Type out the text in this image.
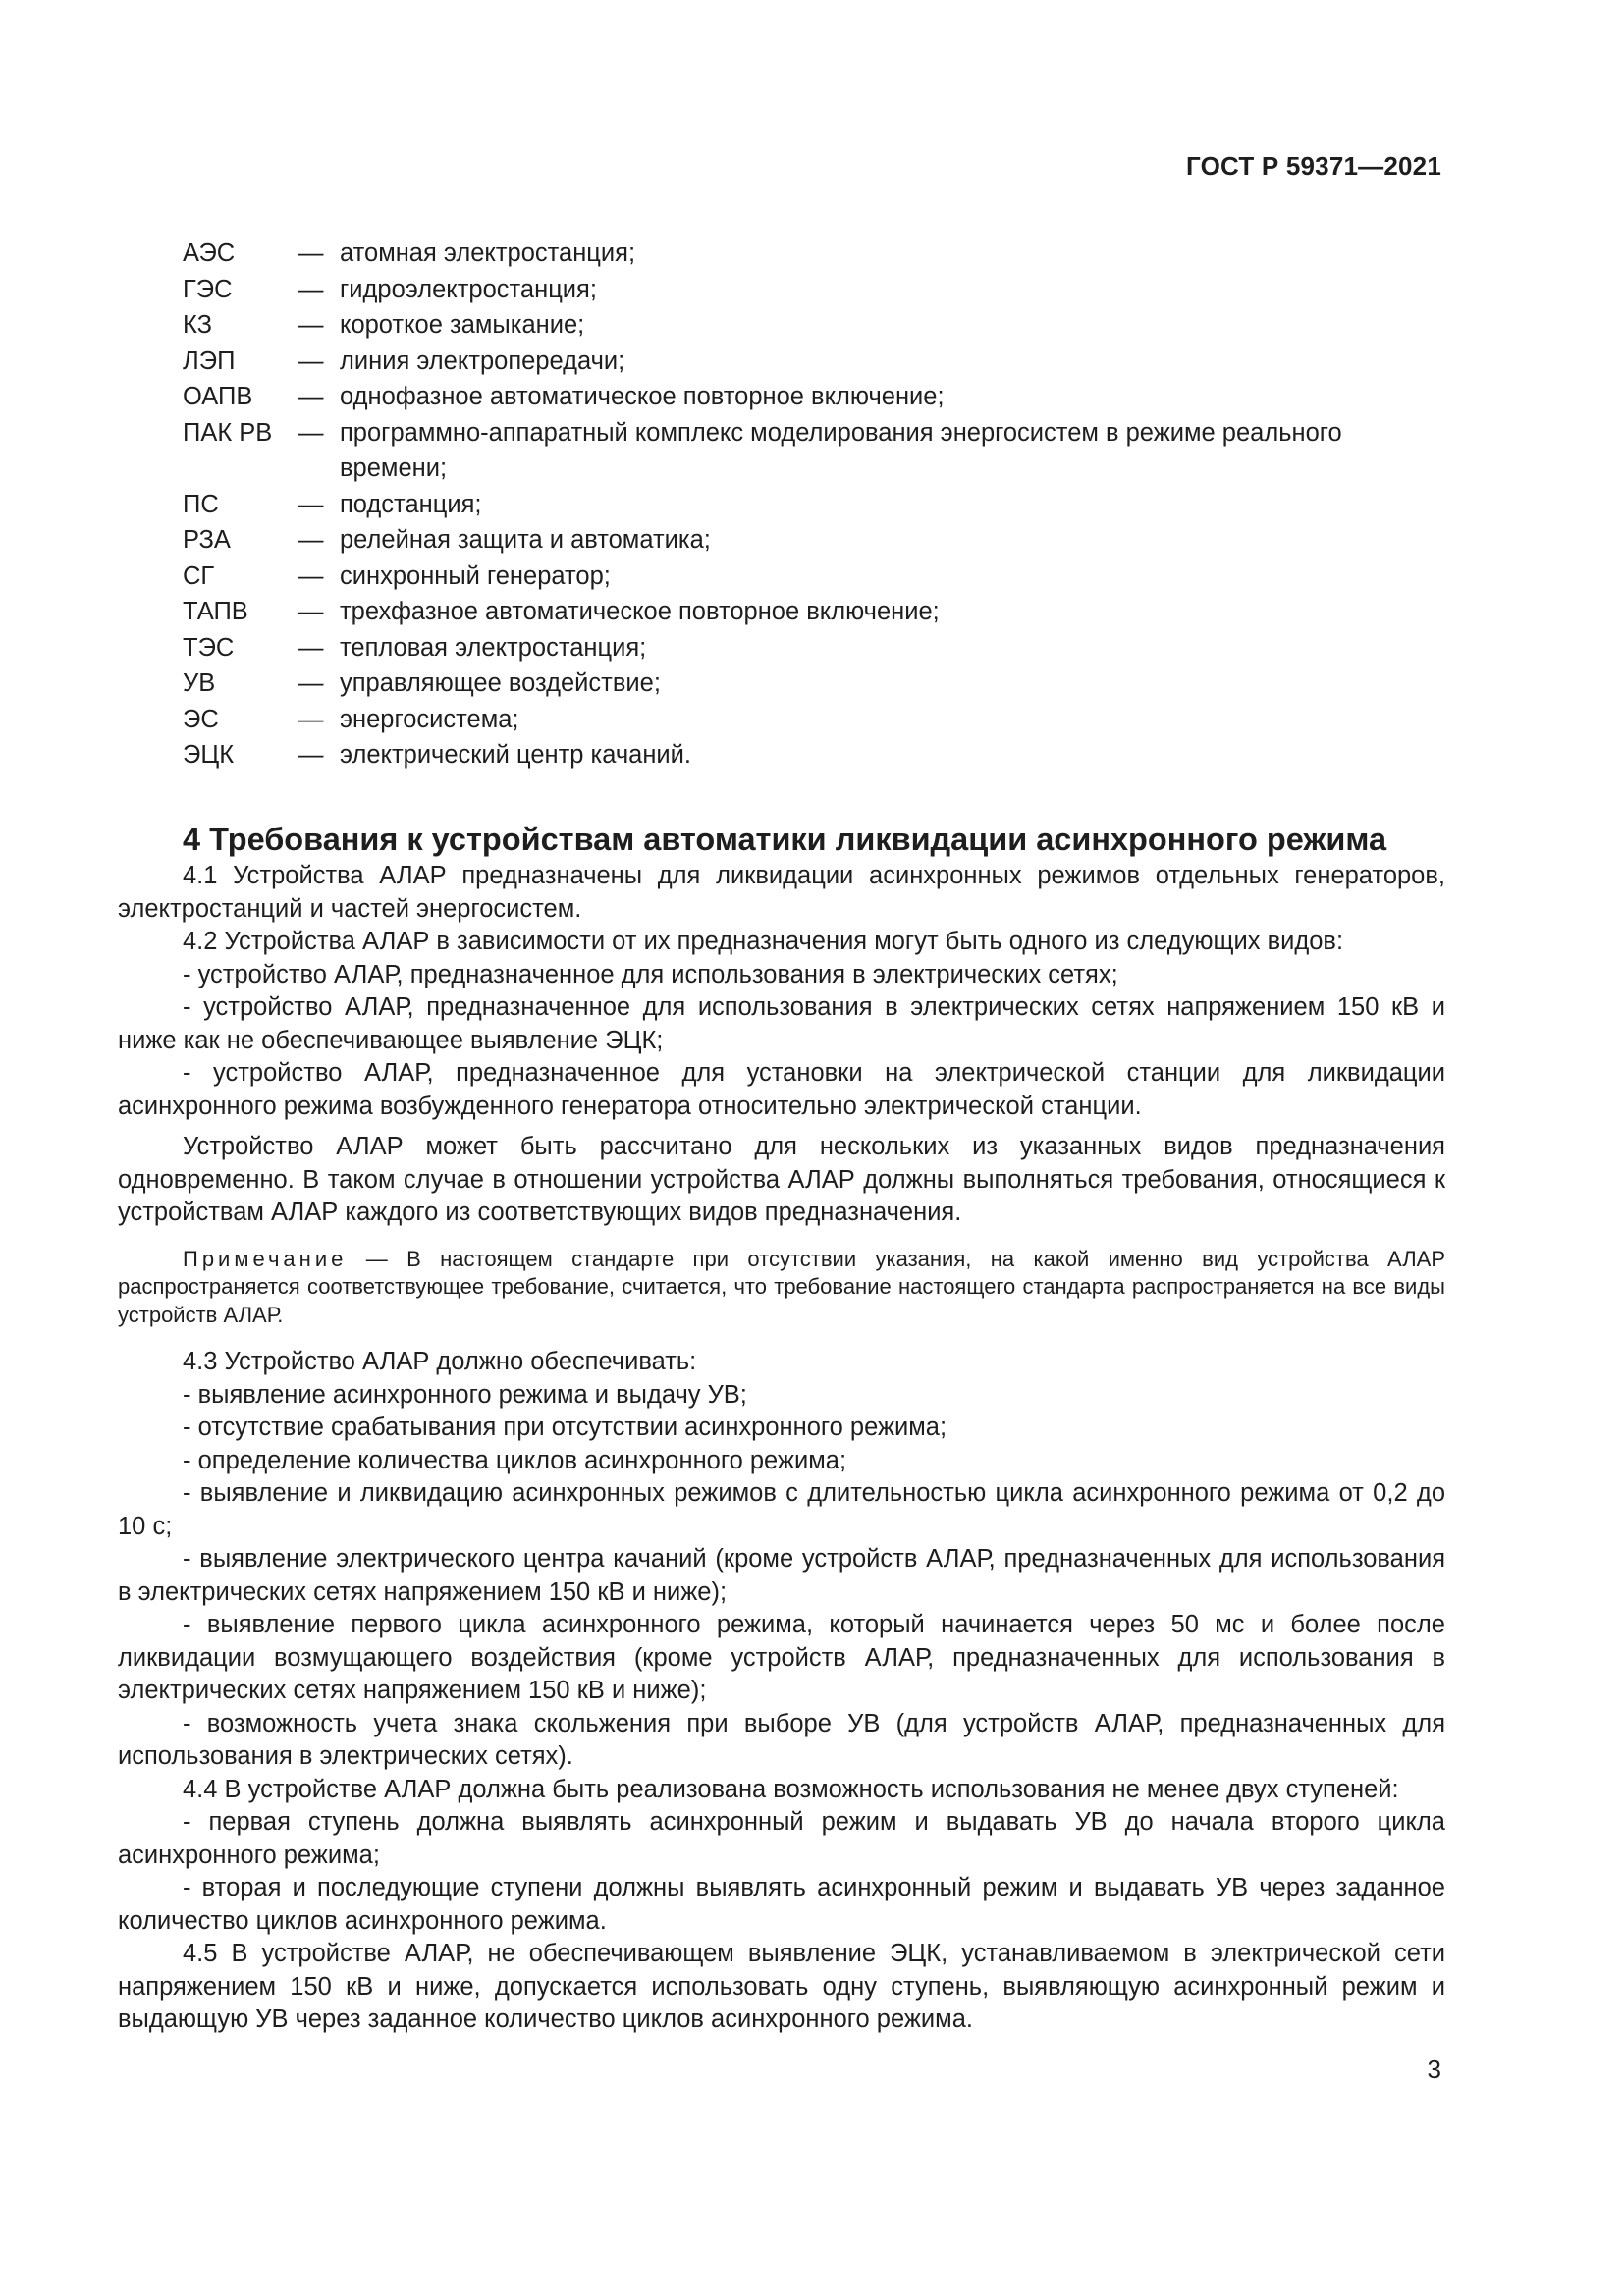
ГОСТ Р 59371—2021
АЭС	— атомная электростанция;
ГЭС	— гидроэлектростанция;
КЗ	— короткое замыкание;
ЛЭП	— линия электропередачи;
ОАПВ	— однофазное автоматическое повторное включение;
ПАК РВ	— программно-аппаратный комплекс моделирования энергосистем в режиме реального времени;
ПС	— подстанция;
РЗА	— релейная защита и автоматика;
СГ	— синхронный генератор;
ТАПВ	— трехфазное автоматическое повторное включение;
ТЭС	— тепловая электростанция;
УВ	— управляющее воздействие;
ЭС	— энергосистема;
ЭЦК	— электрический центр качаний.
4 Требования к устройствам автоматики ликвидации асинхронного режима

4.1 Устройства АЛАР предназначены для ликвидации асинхронных режимов отдельных генераторов, электростанций и частей энергосистем.

4.2 Устройства АЛАР в зависимости от их предназначения могут быть одного из следующих видов:

- устройство АЛАР, предназначенное для использования в электрических сетях;

- устройство АЛАР, предназначенное для использования в электрических сетях напряжением 150 кВ и ниже как не обеспечивающее выявление ЭЦК;

- устройство АЛАР, предназначенное для установки на электрической станции для ликвидации асинхронного режима возбужденного генератора относительно электрической станции.

Устройство АЛАР может быть рассчитано для нескольких из указанных видов предназначения одновременно. В таком случае в отношении устройства АЛАР должны выполняться требования, относящиеся к устройствам АЛАР каждого из соответствующих видов предназначения.

Примечание — В настоящем стандарте при отсутствии указания, на какой именно вид устройства АЛАР распространяется соответствующее требование, считается, что требование настоящего стандарта распространяется на все виды устройств АЛАР.

4.3 Устройство АЛАР должно обеспечивать:

- выявление асинхронного режима и выдачу УВ;

- отсутствие срабатывания при отсутствии асинхронного режима;

- определение количества циклов асинхронного режима;

- выявление и ликвидацию асинхронных режимов с длительностью цикла асинхронного режима от 0,2 до 10 с;

- выявление электрического центра качаний (кроме устройств АЛАР, предназначенных для использования в электрических сетях напряжением 150 кВ и ниже);

- выявление первого цикла асинхронного режима, который начинается через 50 мс и более после ликвидации возмущающего воздействия (кроме устройств АЛАР, предназначенных для использования в электрических сетях напряжением 150 кВ и ниже);

- возможность учета знака скольжения при выборе УВ (для устройств АЛАР, предназначенных для использования в электрических сетях).

4.4 В устройстве АЛАР должна быть реализована возможность использования не менее двух ступеней:

- первая ступень должна выявлять асинхронный режим и выдавать УВ до начала второго цикла асинхронного режима;

- вторая и последующие ступени должны выявлять асинхронный режим и выдавать УВ через заданное количество циклов асинхронного режима.

4.5 В устройстве АЛАР, не обеспечивающем выявление ЭЦК, устанавливаемом в электрической сети напряжением 150 кВ и ниже, допускается использовать одну ступень, выявляющую асинхронный режим и выдающую УВ через заданное количество циклов асинхронного режима.

3
